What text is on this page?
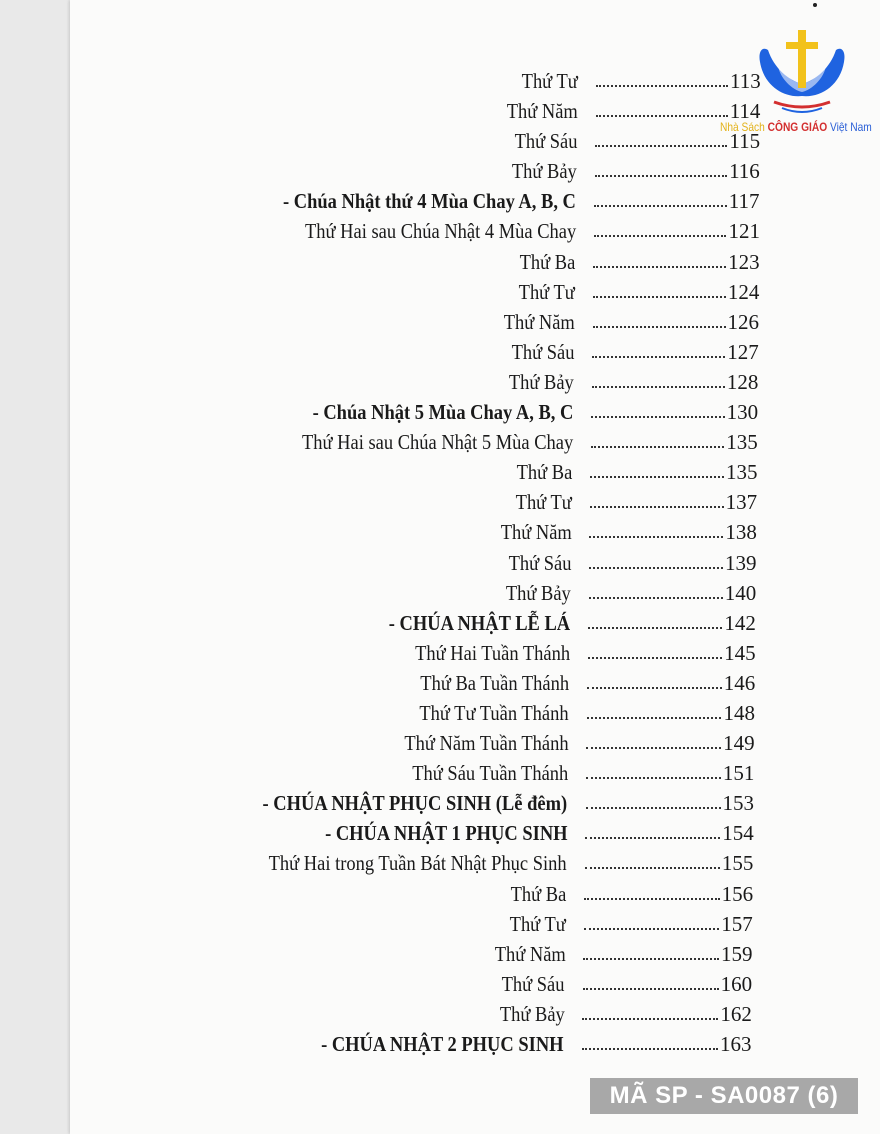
Thứ Tư	113
Thứ Năm	114
Thứ Sáu	115
Thứ Bảy	116
- Chúa Nhật thứ 4 Mùa Chay A, B, C	117
Thứ Hai sau Chúa Nhật 4 Mùa Chay	121
Thứ Ba	123
Thứ Tư	124
Thứ Năm	126
Thứ Sáu	127
Thứ Bảy	128
- Chúa Nhật 5 Mùa Chay A, B, C	130
Thứ Hai sau Chúa Nhật 5 Mùa Chay	135
Thứ Ba	135
Thứ Tư	137
Thứ Năm	138
Thứ Sáu	139
Thứ Bảy	140
- CHÚA NHẬT LỄ LÁ	142
Thứ Hai Tuần Thánh	145
Thứ Ba Tuần Thánh	146
Thứ Tư Tuần Thánh	148
Thứ Năm Tuần Thánh	149
Thứ Sáu Tuần Thánh	151
- CHÚA NHẬT PHỤC SINH (Lễ đêm)	153
- CHÚA NHẬT 1 PHỤC SINH	154
Thứ Hai trong Tuần Bát Nhật Phục Sinh	155
Thứ Ba	156
Thứ Tư	157
Thứ Năm	159
Thứ Sáu	160
Thứ Bảy	162
- CHÚA NHẬT 2 PHỤC SINH	163
Nhà Sách CÔNG GIÁO Việt Nam
MÃ SP - SA0087 (6)
